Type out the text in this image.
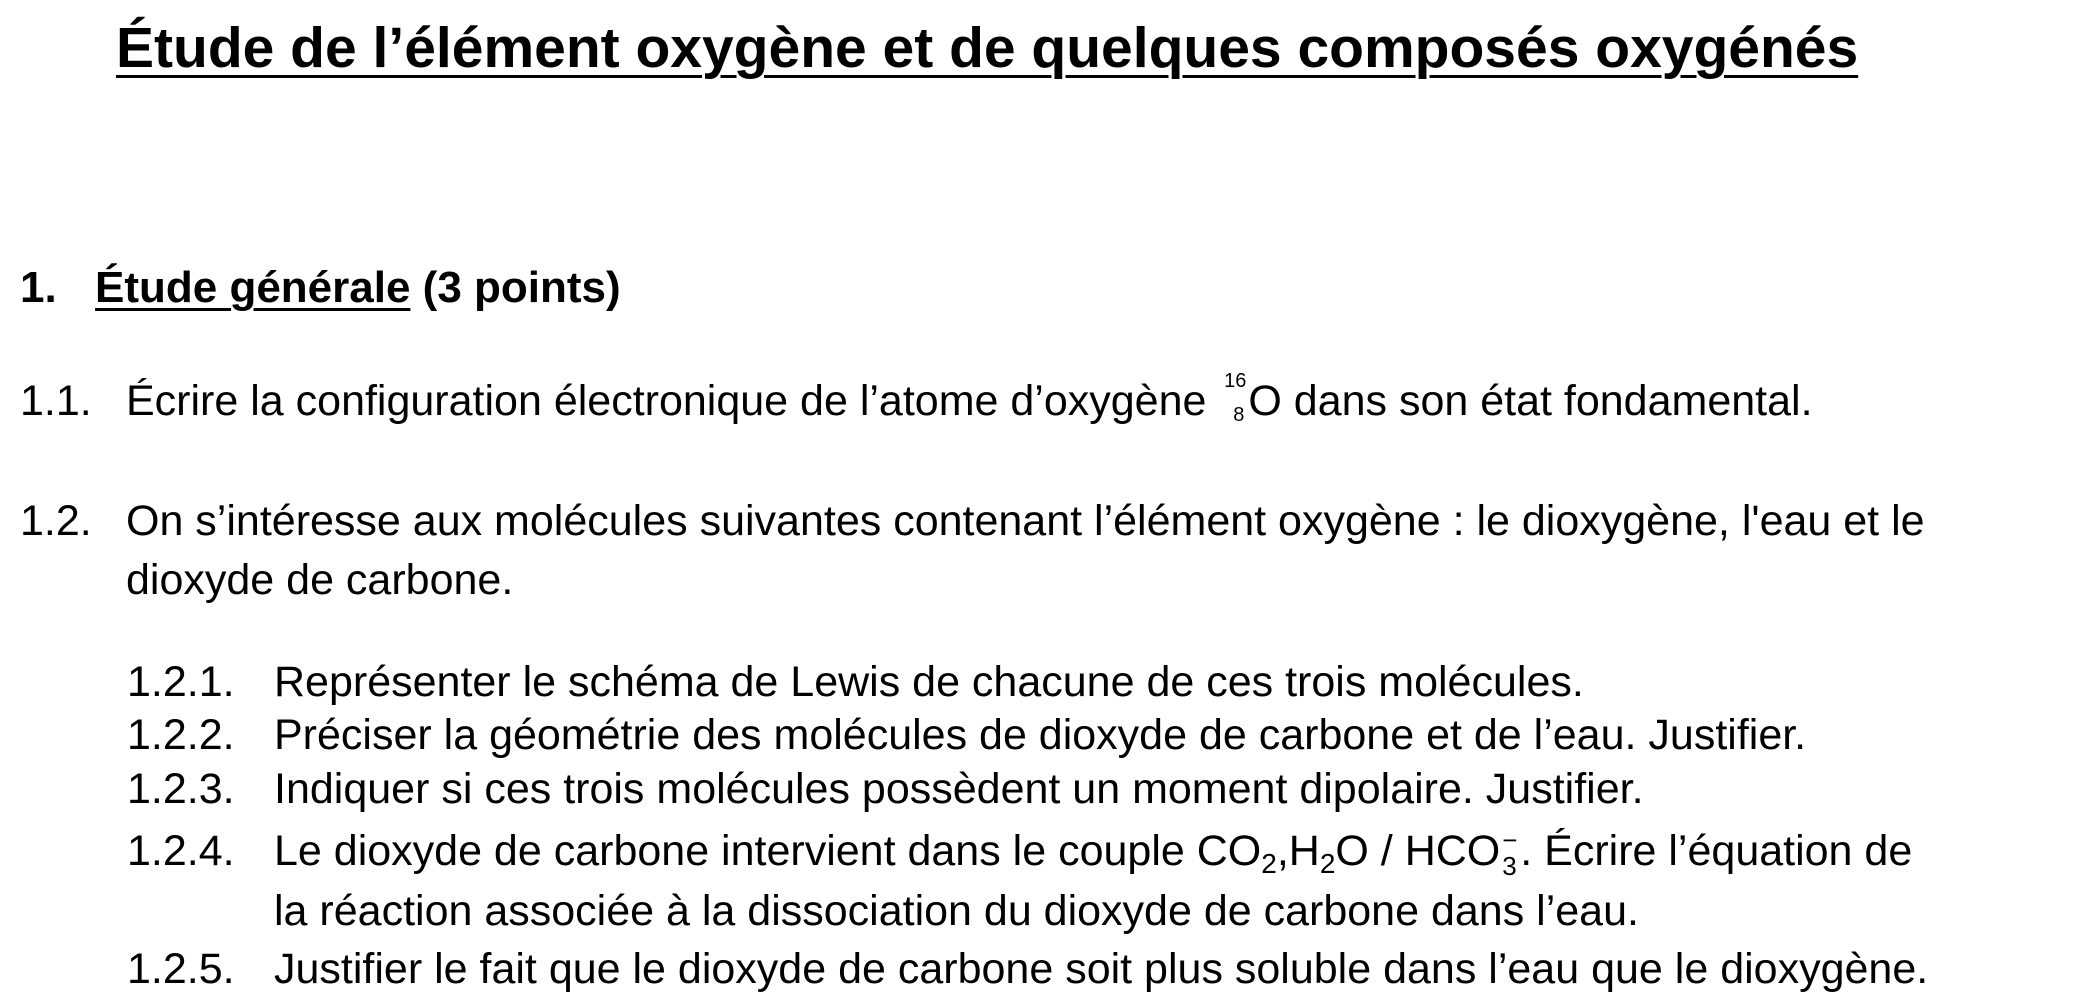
Étude de l’élément oxygène et de quelques composés oxygénés
1. Étude générale (3 points)
1.1. Écrire la configuration électronique de l’atome d’oxygène 16
8 O dans son état fondamental.
1.2. On s’intéresse aux molécules suivantes contenant l’élément oxygène : le dioxygène, l'eau et le
dioxyde de carbone.
1.2.1. Représenter le schéma de Lewis de chacune de ces trois molécules.
1.2.2. Préciser la géométrie des molécules de dioxyde de carbone et de l’eau. Justifier.
1.2.3. Indiquer si ces trois molécules possèdent un moment dipolaire. Justifier.
1.2.4. Le dioxyde de carbone intervient dans le couple $CO_2,H_2O$ / HCO −
3 . Écrire l’équation de
la réaction associée à la dissociation du dioxyde de carbone dans l’eau.
1.2.5. Justifier le fait que le dioxyde de carbone soit plus soluble dans l’eau que le dioxygène.
